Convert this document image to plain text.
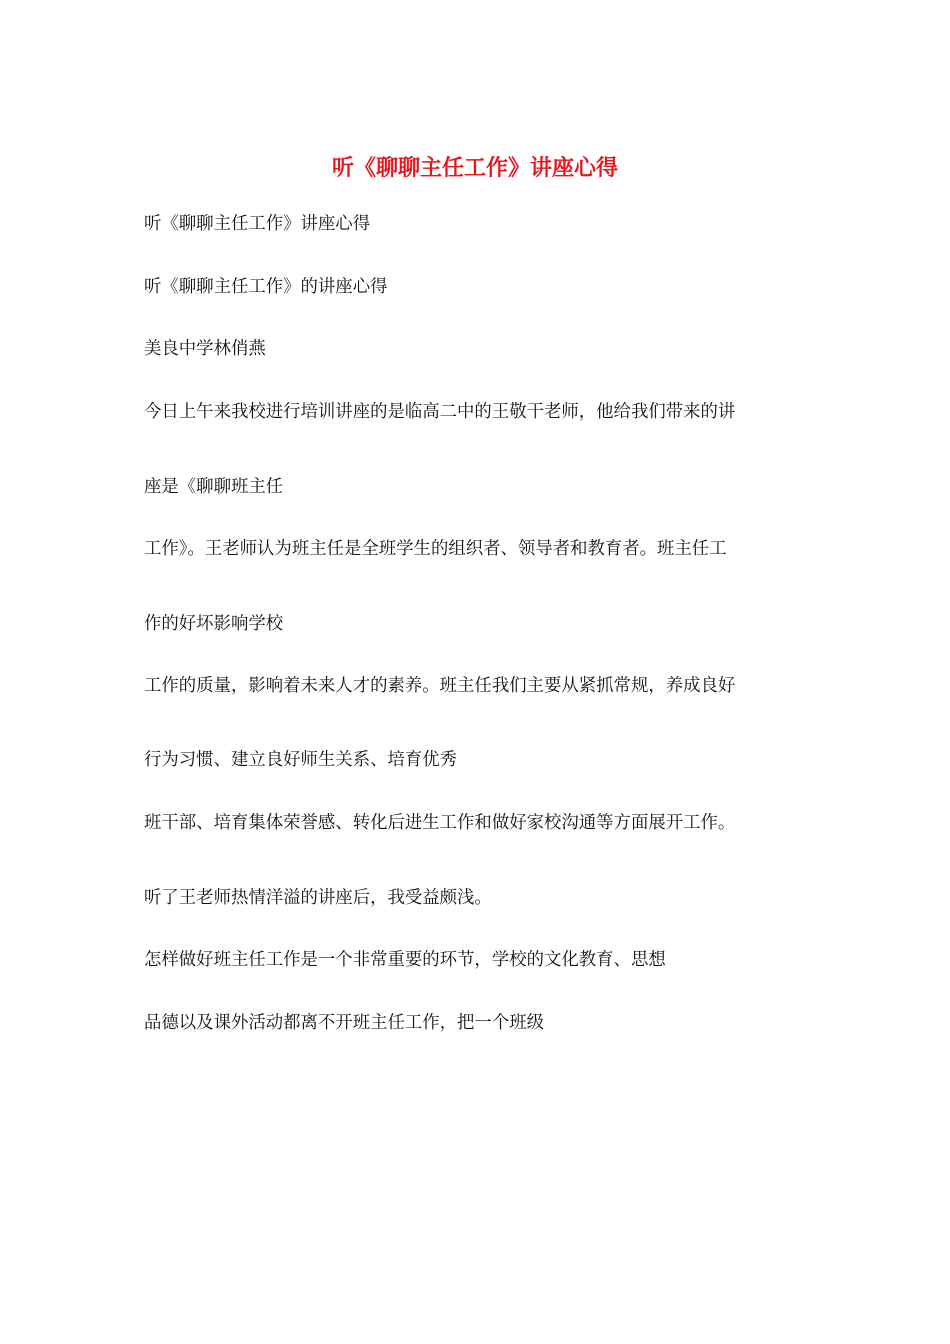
听《聊聊主任工作》讲座心得

听《聊聊主任工作》讲座心得

听《聊聊主任工作》的讲座心得

美良中学林俏燕

今日上午来我校进行培训讲座的是临高二中的王敬干老师，他给我们带来的讲

座是《聊聊班主任

工作》。王老师认为班主任是全班学生的组织者、领导者和教育者。班主任工

作的好坏影响学校

工作的质量，影响着未来人才的素养。班主任我们主要从紧抓常规，养成良好

行为习惯、建立良好师生关系、培育优秀

班干部、培育集体荣誉感、转化后进生工作和做好家校沟通等方面展开工作。

听了王老师热情洋溢的讲座后，我受益颇浅。

怎样做好班主任工作是一个非常重要的环节，学校的文化教育、思想

品德以及课外活动都离不开班主任工作，把一个班级
